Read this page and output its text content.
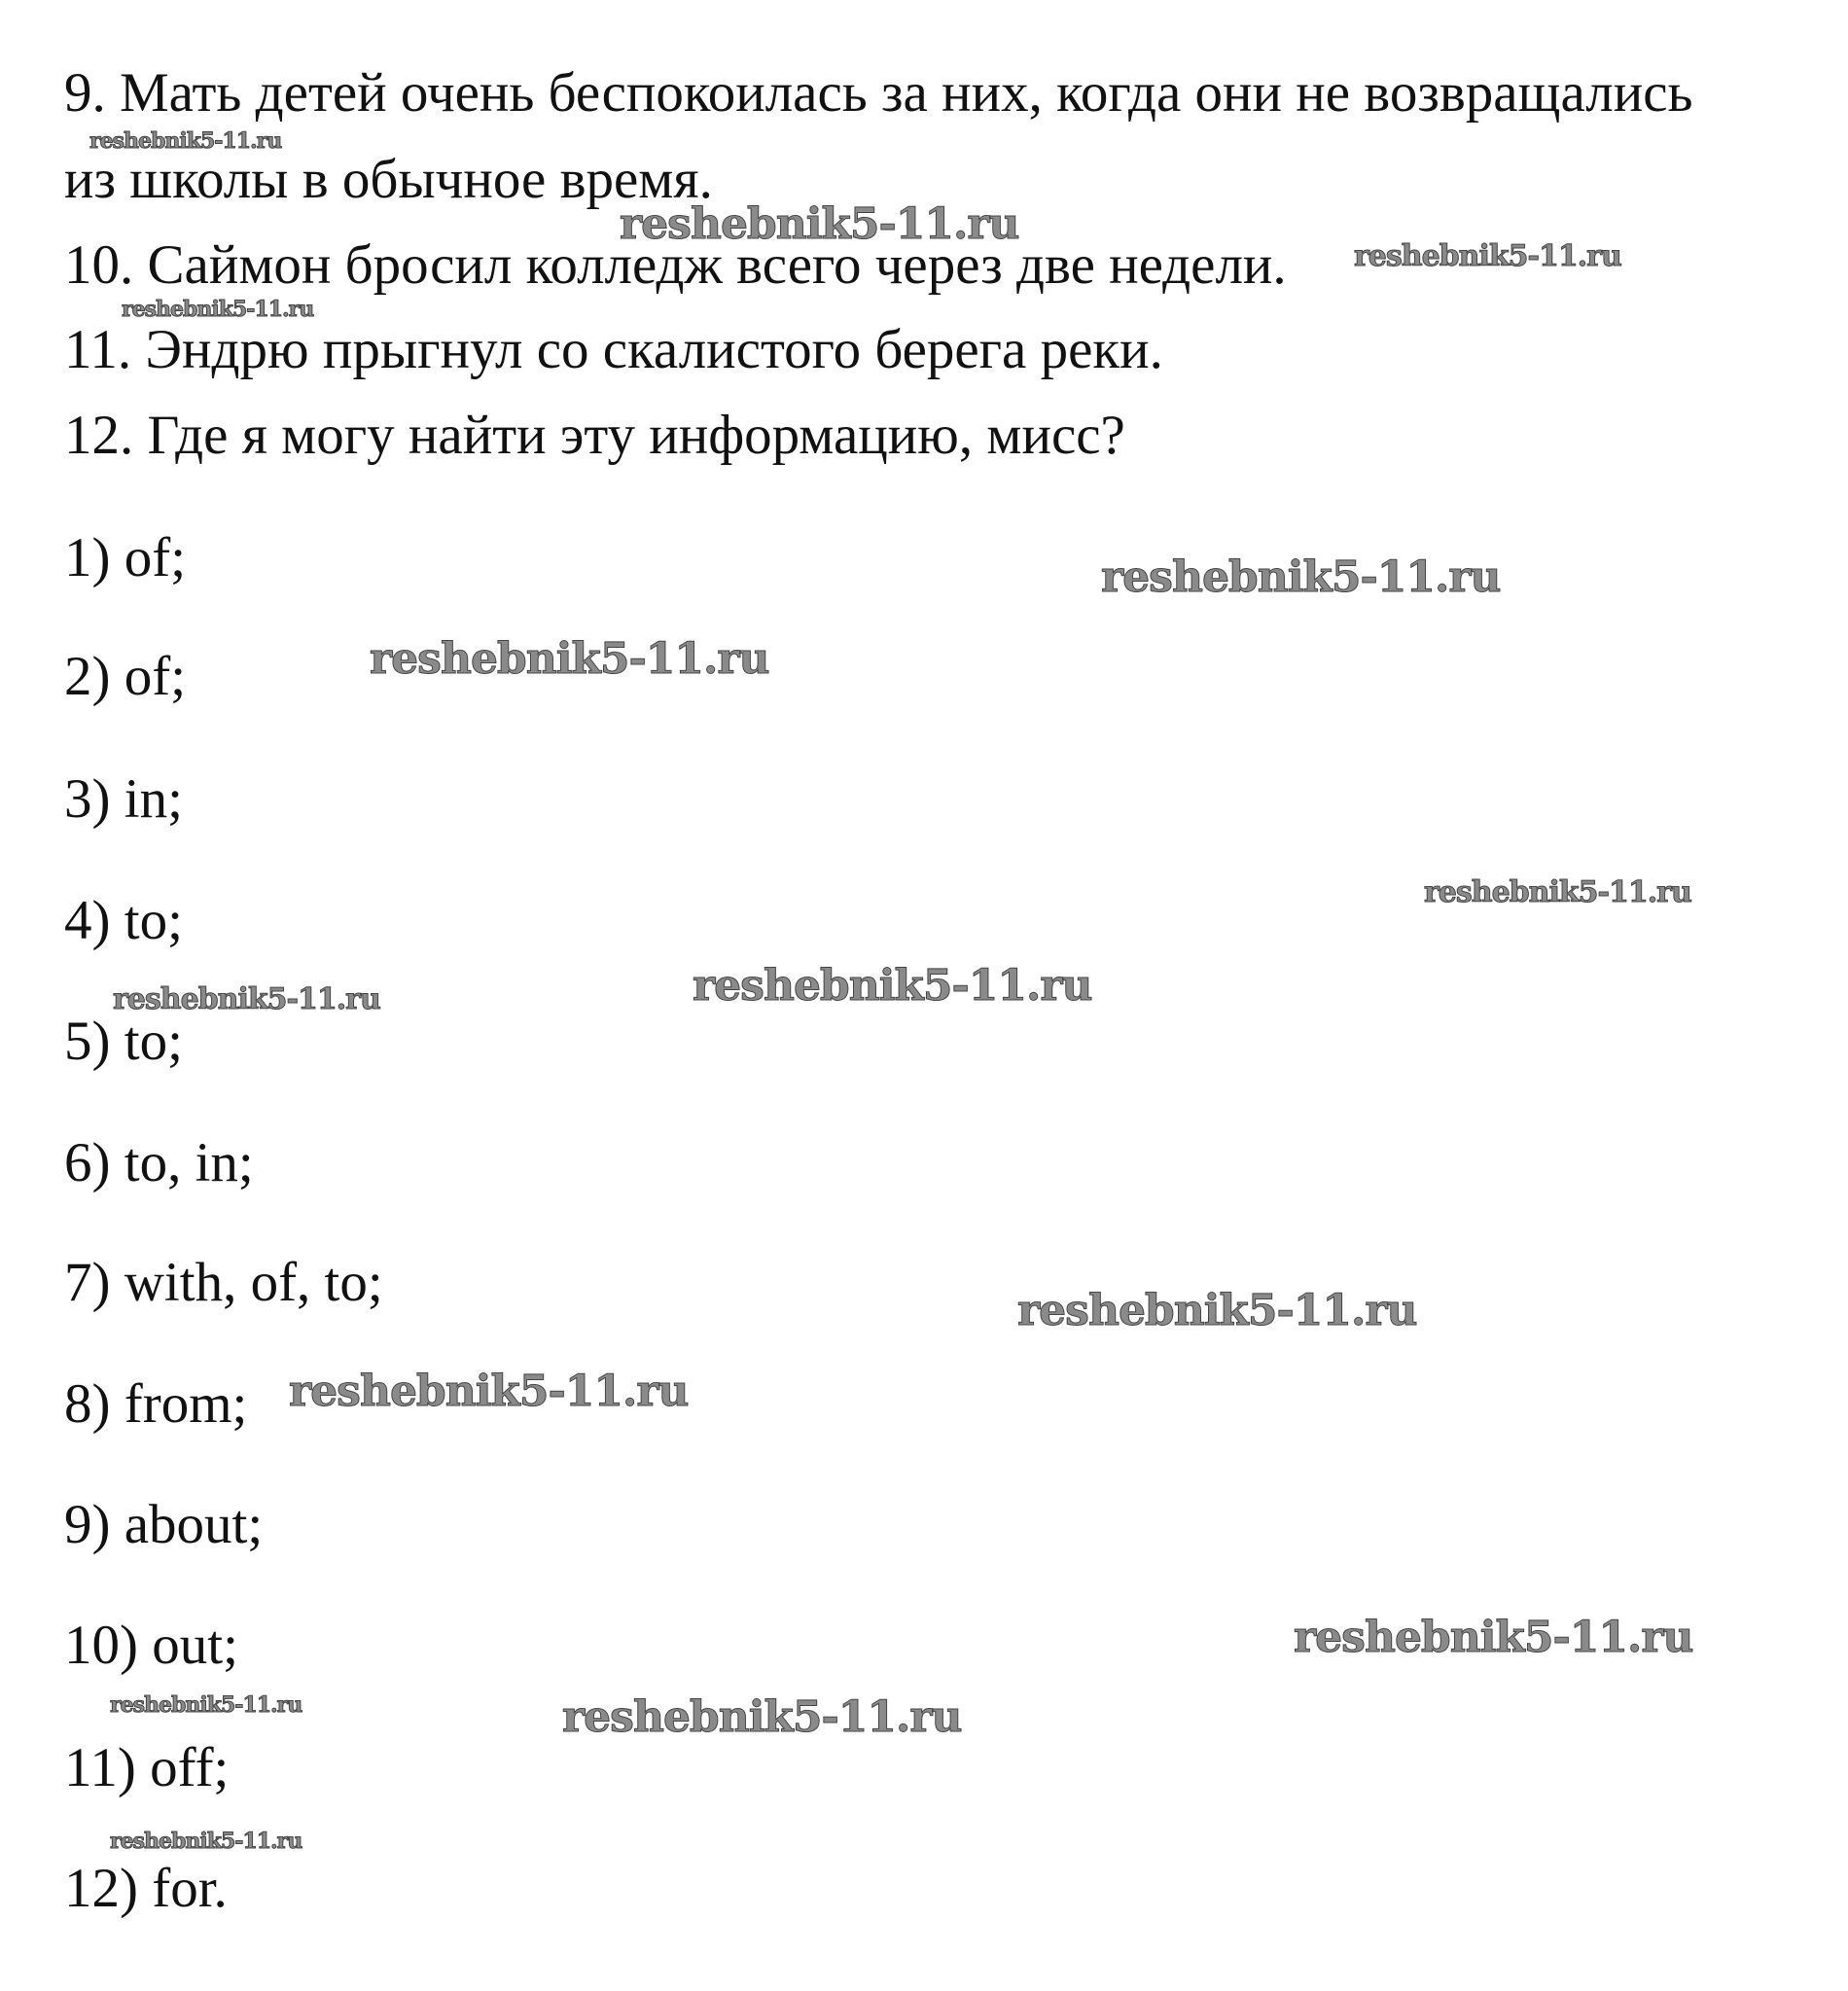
9. Мать детей очень беспокоилась за них, когда они не возвращались
из школы в обычное время.
10. Саймон бросил колледж всего через две недели.
11. Эндрю прыгнул со скалистого берега реки.
12. Где я могу найти эту информацию, мисс?
1) of;
2) of;
3) in;
4) to;
5) to;
6) to, in;
7) with, of, to;
8) from;
9) about;
10) out;
11) off;
12) for.
reshebnik5-11.ru
reshebnik5-11.ru
reshebnik5-11.ru
reshebnik5-11.ru
reshebnik5-11.ru
reshebnik5-11.ru
reshebnik5-11.ru
reshebnik5-11.ru
reshebnik5-11.ru
reshebnik5-11.ru
reshebnik5-11.ru
reshebnik5-11.ru
reshebnik5-11.ru	reshebnik5-11.ru
reshebnik5-11.ru
